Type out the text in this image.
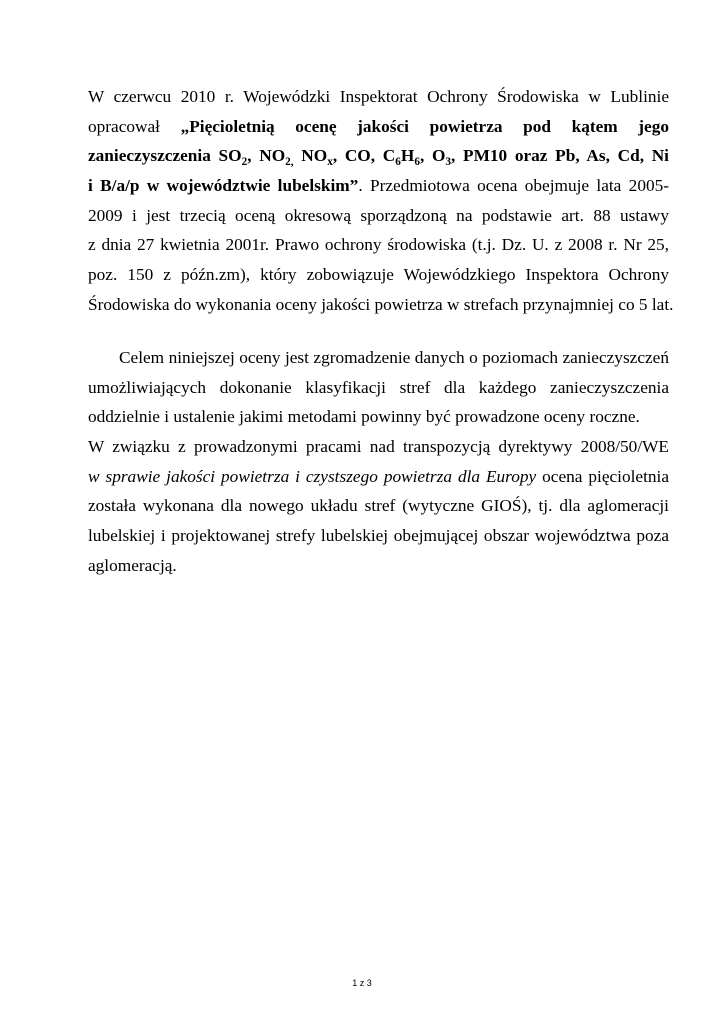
W czerwcu 2010 r. Wojewódzki Inspektorat Ochrony Środowiska w Lublinie
opracował „Pięcioletnią ocenę jakości powietrza pod kątem jego
zanieczyszczenia $SO_2$, $NO_{2,}$ $NO_x$, CO, $C_6H_6$, $O_3$, PM10 oraz Pb, As, Cd, Ni
i B/a/p w województwie lubelskim”. Przedmiotowa ocena obejmuje lata 2005-
2009 i jest trzecią oceną okresową sporządzoną na podstawie art. 88 ustawy
z dnia 27 kwietnia 2001r. Prawo ochrony środowiska (t.j. Dz. U. z 2008 r. Nr 25,
poz. 150 z późn.zm), który zobowiązuje Wojewódzkiego Inspektora Ochrony
Środowiska do wykonania oceny jakości powietrza w strefach przynajmniej co 5 lat.
Celem niniejszej oceny jest zgromadzenie danych o poziomach zanieczyszczeń
umożliwiających dokonanie klasyfikacji stref dla każdego zanieczyszczenia
oddzielnie i ustalenie jakimi metodami powinny być prowadzone oceny roczne.
W związku z prowadzonymi pracami nad transpozycją dyrektywy 2008/50/WE
w sprawie jakości powietrza i czystszego powietrza dla Europy ocena pięcioletnia
została wykonana dla nowego układu stref (wytyczne GIOŚ), tj. dla aglomeracji
lubelskiej i projektowanej strefy lubelskiej obejmującej obszar województwa poza
aglomeracją.
1 z 3
